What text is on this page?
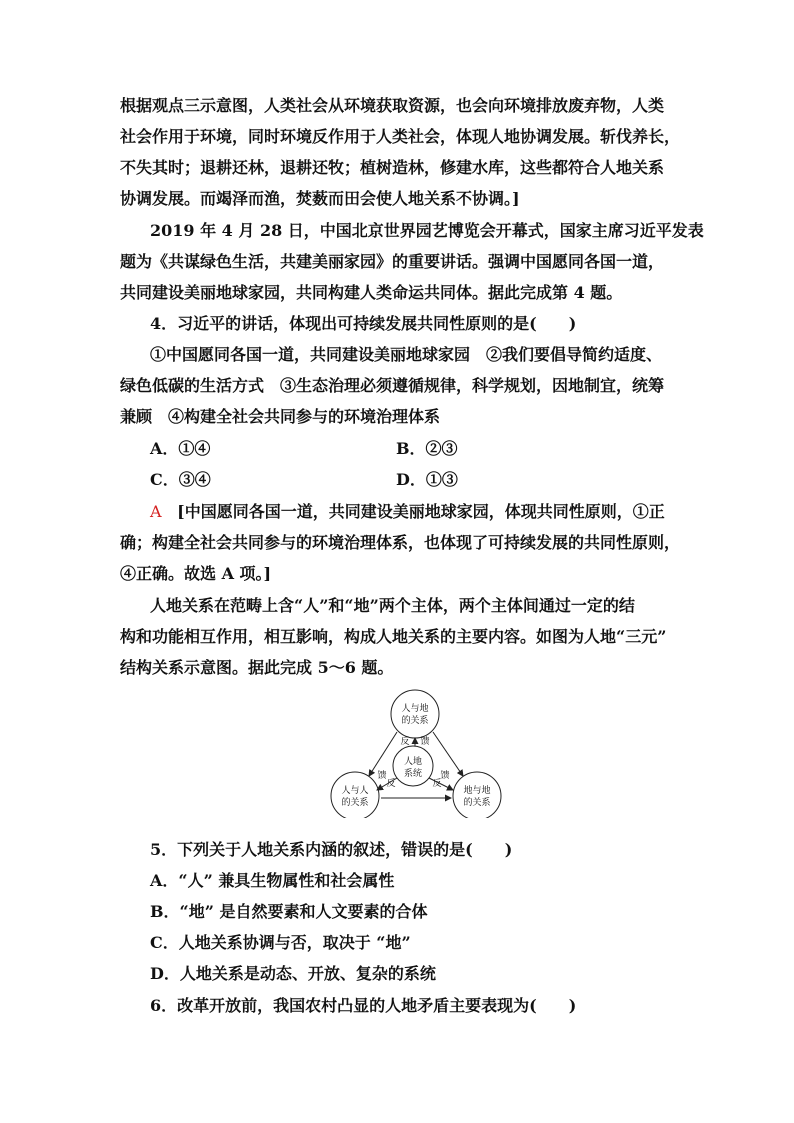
根据观点三示意图，人类社会从环境获取资源，也会向环境排放废弃物，人类
社会作用于环境，同时环境反作用于人类社会，体现人地协调发展。斩伐养长，
不失其时；退耕还林，退耕还牧；植树造林，修建水库，这些都符合人地关系
协调发展。而竭泽而渔，焚薮而田会使人地关系不协调。]
2019 年 4 月 28 日，中国北京世界园艺博览会开幕式，国家主席习近平发表
题为《共谋绿色生活，共建美丽家园》的重要讲话。强调中国愿同各国一道，
共同建设美丽地球家园，共同构建人类命运共同体。据此完成第 4 题。
4．习近平的讲话，体现出可持续发展共同性原则的是(　　)
①中国愿同各国一道，共同建设美丽地球家园　②我们要倡导简约适度、
绿色低碳的生活方式　③生态治理必须遵循规律，科学规划，因地制宜，统筹
兼顾　④构建全社会共同参与的环境治理体系
A．①④	B．②③
C．③④	D．①③
A [中国愿同各国一道，共同建设美丽地球家园，体现共同性原则，①正
确；构建全社会共同参与的环境治理体系，也体现了可持续发展的共同性原则，
④正确。故选 A 项。]
人地关系在范畴上含“人”和“地”两个主体，两个主体间通过一定的结
构和功能相互作用，相互影响，构成人地关系的主要内容。如图为人地“三元”
结构关系示意图。据此完成 5～6 题。
人与地
的关系
人地
系统
人与人
的关系
地与地
的关系
反 馈
馈
反
馈
反
5．下列关于人地关系内涵的叙述，错误的是(　　)
A．“人” 兼具生物属性和社会属性
B．“地” 是自然要素和人文要素的合体
C．人地关系协调与否，取决于 “地”
D．人地关系是动态、开放、复杂的系统
6．改革开放前，我国农村凸显的人地矛盾主要表现为(　　)
